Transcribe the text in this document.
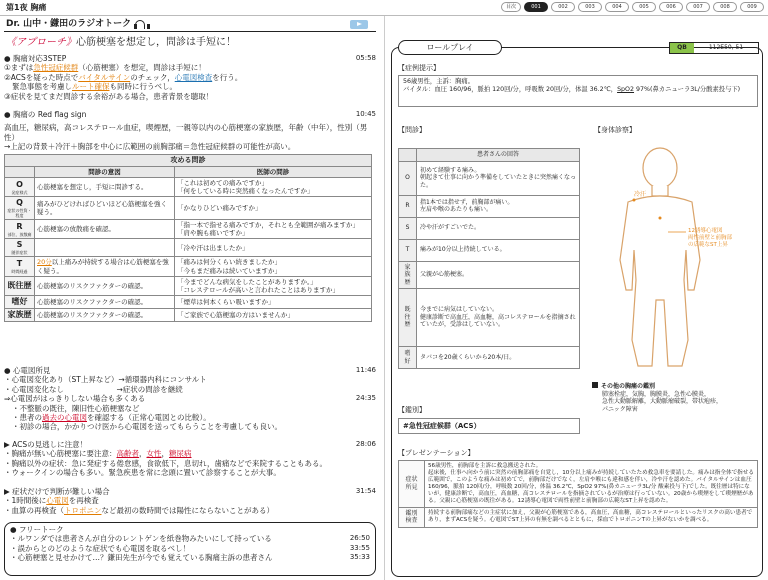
第1夜 胸痛	目次	001	002	003	004	005	006	007	008	009
Dr. 山中・鎌田のラジオトーク
《アプローチ》心筋梗塞を想定し，問診は手短に！
● 胸痛対応3STEP	05:58
①まずは急性冠症候群（心筋梗塞）を想定，問診は手短に！
②ACSを疑った時点でバイタルサインのチェック，心電図検査を行う。
緊急事態を考慮しルート確保も同時に行うべし。
③症状を見てまだ問診する余裕がある場合，患者背景を聴取！
● 胸痛の Red flag sign	10:45
高血圧，糖尿病，高コレステロール血症，喫煙歴，一親等以内の心筋梗塞の家族歴，年齢（中年），性別（男性）
→上記の背景＋冷汗＋胸部を中心に広範囲の前胸部痛＝急性冠症候群の可能性が高い。
攻める問診		
	問診の意図	医師の問診

O
発症様式	心筋梗塞を想定し，手短に問診する。	「これは初めての痛みですか」
「何をしている時に突然痛くなったんですか」

Q
症状の性質・程度	痛みがひどければひどいほど心筋梗塞を強く疑う。	「かなりひどい痛みですか」

R
部位，放散痛	心筋梗塞の放散痛を確認。	「指一本で指せる痛みですか，それとも全範囲が痛みますか」
「肩や腕も痛いですか」

S
随伴症状		「冷や汗は出ましたか」

T
時間経過	20分以上痛みが持続する場合は心筋梗塞を強く疑う。	「痛みは何分くらい続きましたか」
「今もまだ痛みは続いていますか」

既往歴	心筋梗塞のリスクファクターの確認。	「今までどんな病気をしたことがありますか。」
「コレステロールが高いと言われたことはありますか」

嗜好	心筋梗塞のリスクファクターの確認。	「煙草は何本くらい吸いますか」

家族歴	心筋梗塞のリスクファクターの確認。	「ご家族で心筋梗塞の方はいませんか」
● 心電図所見	11:46
・心電図変化あり（ST上昇など）→循環器内科にコンサルト
・心電図変化なし　　　　　　　→症状の問診を継続
⇒心電図がはっきりしない場合も多くある	24:35
・不整脈の既往，陳旧性心筋梗塞など
・患者の過去の心電図を確認する（正常心電図との比較）。
・初診の場合，かかりつけ医から心電図を送ってもらうことを考慮しても良い。
▶ ACSの見逃しに注意！	28:06
・胸痛が無い心筋梗塞に要注意：高齢者，女性，糖尿病
・胸痛以外の症状：急に発症する倦怠感，食欲低下，息切れ，歯痛などで来院することもある。
・ウォークインの場合も多い。緊急疾患を常に念頭に置いて診察することが大事。
▶ 症状だけで判断が難しい場合	31:54
・1時間後に心電図を再検査
・血算の再検査（トロポニンなど最初の数時間では陽性にならないことがある）
● フリートーク
・ルワンダでは患者さんが自分のレントゲンを紙巻物みたいにして持っている	26:50
・誤からとのどのような症状でも心電図を取るべし！	33:55
・心筋梗塞と見せかけて…？鎌田先生が今でも覚えている胸痛主訴の患者さん	35:33
ロールプレイ	QB	112E50, 51
【症例提示】
56歳男性，主訴：胸痛。
バイタル：血圧 160/96，脈拍 120回/分，呼吸数 20回/分，体温 36.2℃，SpO2 97%(鼻カニューラ3L/分酸素投与下)
【問診】
	患者さんの回答
O	初めて経験する痛み。
朝起きて仕事に向かう準備をしていたときに突然痛くなった。
R	指1本では指せず，前胸部が痛い。
左肩や喉のあたりも痛い。
S	冷や汗がすごいでた。
T	痛みが10分以上持続している。
家族歴	父親が心筋梗塞。
既往歴	今までに病気はしていない。
健康診断で高血圧，高血糖，高コレステロールを指摘されていたが，受診はしていない。
嗜好	タバコを20歳くらいから20本/日。
【身体診察】
冷汗
12誘導心電図
両性前壁と前胸部
の広範なST上昇
その他の胸痛の鑑別
肺塞栓症，気胸，胸膜炎，急性心膜炎，
急性大動脈解離，大動脈瘤破裂，帯状疱疹，
パニック障害
【鑑別】
#急性冠症候群（ACS）
【プレゼンテーション】
症状
所見	56歳男性，前胸部を主訴に救急搬送された。
起床後，仕事へ向かう前に突然の前胸部痛を自覚し，10分以上痛みが持続していたため救急車を要請した。痛みは指全体で指せる広範囲で，このような痛みは初めてで，前胸部だけでなく，左肩や喉にも違和感を伴い，冷や汗を認めた。バイタルサインは血圧 160/96，脈拍 120回/分，呼吸数 20回/分，体温 36.2℃，SpO2 97%(鼻カニューラ3L/分 酸素投与下)でした。既往歴は特にないが，健康診断で，高血圧，高血糖，高コレステロールを指摘されているが治療は行っていない。20歳から喫煙をして喫煙歴がある。父親に心筋梗塞の既往がある。12誘導心電図で両性前壁と前胸部の広範なST上昇を認めた。
鑑別
検査	持続する前胸部痛などの主症状に加え，父親が心筋梗塞である，高血圧，高血糖，高コレステロールといったリスクの高い患者であり，まずACSを疑う。心電図でST上昇の有無を調べるとともに，採血でトロポニンTの上昇がないかを調べる。
